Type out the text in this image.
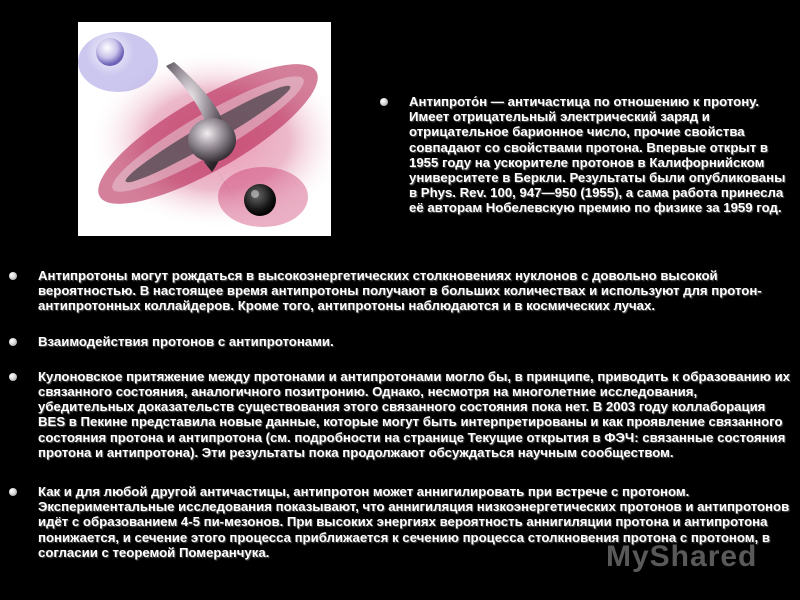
Антипрото́н — античастица по отношению к протону. Имеет отрицательный электрический заряд и отрицательное барионное число, прочие свойства совпадают со свойствами протона. Впервые открыт в 1955 году на ускорителе протонов в Калифорнийском университете в Беркли. Результаты были опубликованы в Phys. Rev. 100, 947—950 (1955), а сама работа принесла её авторам Нобелевскую премию по физике за 1959 год.
Антипротоны могут рождаться в высокоэнергетических столкновениях нуклонов с довольно высокой вероятностью. В настоящее время антипротоны получают в больших количествах и используют для протон-антипротонных коллайдеров. Кроме того, антипротоны наблюдаются и в космических лучах.
Взаимодействия протонов с антипротонами.
Кулоновское притяжение между протонами и антипротонами могло бы, в принципе, приводить к образованию их связанного состояния, аналогичного позитронию. Однако, несмотря на многолетние исследования, убедительных доказательств существования этого связанного состояния пока нет. В 2003 году коллаборация BES в Пекине представила новые данные, которые могут быть интерпретированы и как проявление связанного состояния протона и антипротона (см. подробности на странице Текущие открытия в ФЭЧ: связанные состояния протона и антипротона). Эти результаты пока продолжают обсуждаться научным сообществом.
Как и для любой другой античастицы, антипротон может аннигилировать при встрече с протоном. Экспериментальные исследования показывают, что аннигиляция низкоэнергетических протонов и антипротонов идёт с образованием 4-5 пи-мезонов. При высоких энергиях вероятность аннигиляции протона и антипротона понижается, и сечение этого процесса приближается к сечению процесса столкновения протона с протоном, в согласии с теоремой Померанчука.	MyShared
